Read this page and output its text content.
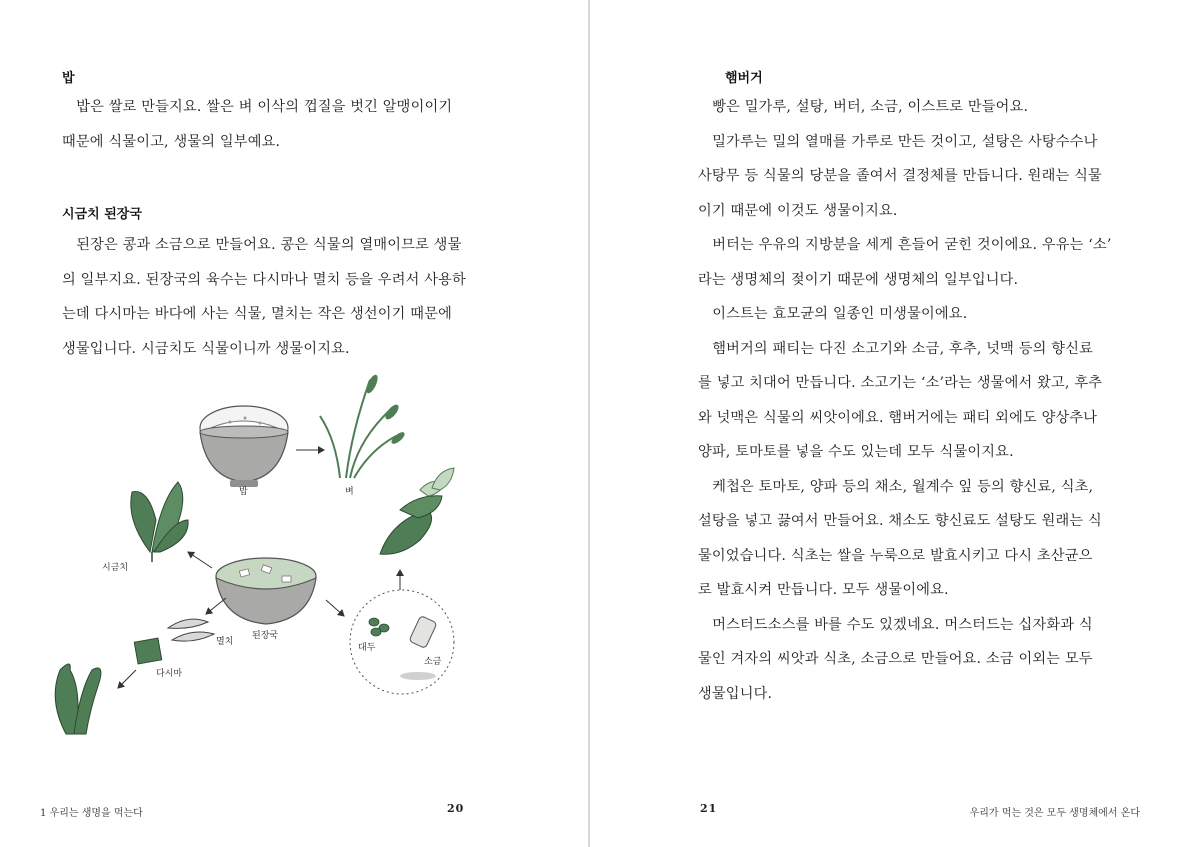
밥

밥은 쌀로 만들지요. 쌀은 벼 이삭의 껍질을 벗긴 알맹이이기
때문에 식물이고, 생물의 일부예요.

시금치 된장국

된장은 콩과 소금으로 만들어요. 콩은 식물의 열매이므로 생물
의 일부지요. 된장국의 육수는 다시마나 멸치 등을 우려서 사용하
는데 다시마는 바다에 사는 식물, 멸치는 작은 생선이기 때문에
생물입니다. 시금치도 식물이니까 생물이지요.

밥	벼
시금치
된장국
멸치
다시마
대두
소금
1 우리는 생명을 먹는다	20
햄버거

빵은 밀가루, 설탕, 버터, 소금, 이스트로 만들어요.

밀가루는 밀의 열매를 가루로 만든 것이고, 설탕은 사탕수수나
사탕무 등 식물의 당분을 졸여서 결정체를 만듭니다. 원래는 식물
이기 때문에 이것도 생물이지요.

버터는 우유의 지방분을 세게 흔들어 굳힌 것이에요. 우유는 ‘소’
라는 생명체의 젖이기 때문에 생명체의 일부입니다.

이스트는 효모균의 일종인 미생물이에요.

햄버거의 패티는 다진 소고기와 소금, 후추, 넛맥 등의 향신료
를 넣고 치대어 만듭니다. 소고기는 ‘소’라는 생물에서 왔고, 후추
와 넛맥은 식물의 씨앗이에요. 햄버거에는 패티 외에도 양상추나
양파, 토마토를 넣을 수도 있는데 모두 식물이지요.

케첩은 토마토, 양파 등의 채소, 월계수 잎 등의 향신료, 식초,
설탕을 넣고 끓여서 만들어요. 채소도 향신료도 설탕도 원래는 식
물이었습니다. 식초는 쌀을 누룩으로 발효시키고 다시 초산균으
로 발효시켜 만듭니다. 모두 생물이에요.

머스터드소스를 바를 수도 있겠네요. 머스터드는 십자화과 식
물인 겨자의 씨앗과 식초, 소금으로 만들어요. 소금 이외는 모두
생물입니다.

21	우리가 먹는 것은 모두 생명체에서 온다
